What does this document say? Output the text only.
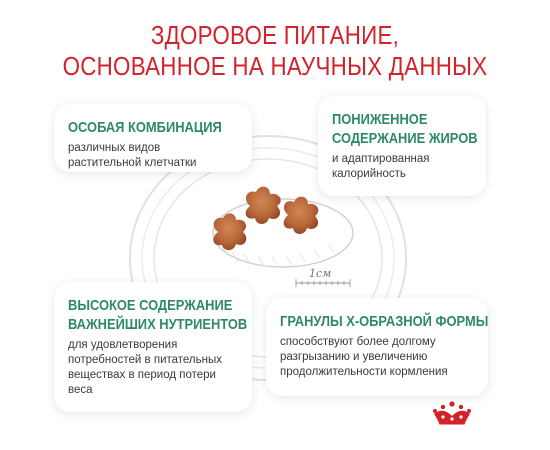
ЗДОРОВОЕ ПИТАНИЕ,
ОСНОВАННОЕ НА НАУЧНЫХ ДАННЫХ
1см
ОСОБАЯ КОМБИНАЦИЯ

различных видов
растительной клетчатки

ПОНИЖЕННОЕ
СОДЕРЖАНИЕ ЖИРОВ

и адаптированная
калорийность

ВЫСОКОЕ СОДЕРЖАНИЕ
ВАЖНЕЙШИХ НУТРИЕНТОВ

для удовлетворения
потребностей в питательных
веществах в период потери
веса

ГРАНУЛЫ X-ОБРАЗНОЙ ФОРМЫ

способствуют более долгому
разгрызанию и увеличению
продолжительности кормления
